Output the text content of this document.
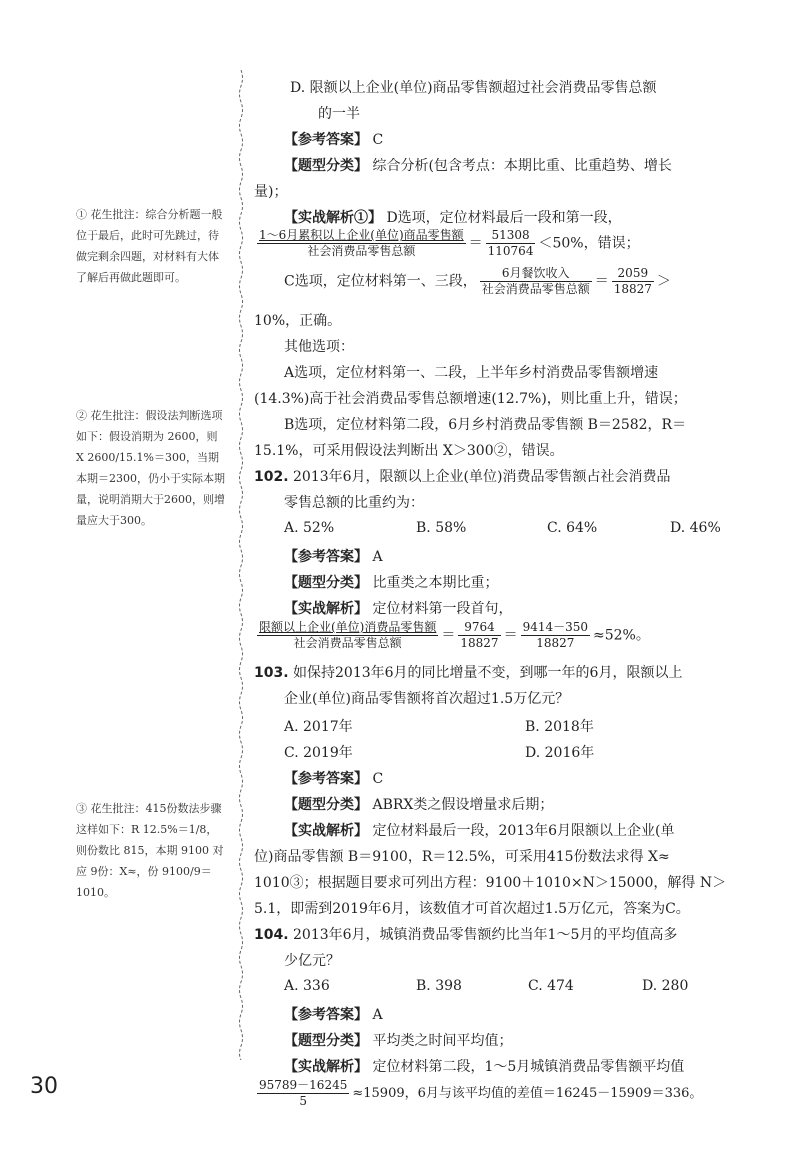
① 花生批注：综合分析题一般位于最后，此时可先跳过，待做完剩余四题，对材料有大体了解后再做此题即可。

② 花生批注：假设法判断选项如下：假设消期为 2600，则 X 2600/15.1%＝300，当期本期＝2300，仍小于实际本期量，说明消期大于2600，则增量应大于300。

③ 花生批注：415份数法步骤这样如下：R 12.5%＝1/8，则份数比 815，本期 9100 对应 9份：X≈，份 9100/9＝1010。

D. 限额以上企业(单位)商品零售额超过社会消费品零售总额
的一半
【参考答案】 C
【题型分类】 综合分析(包含考点：本期比重、比重趋势、增长
量)；
【实战解析①】 D选项，定位材料最后一段和第一段，
$\frac{\text{1～6月累积以上企业(单位)商品零售额}}{\text{社会消费品零售总额}} = \frac{51308}{110764} <50\%$，错误；
C选项，定位材料第一、三段， $\frac{\text{6月餐饮收入}}{\text{社会消费品零售总额}} = \frac{2059}{18827}$ ＞
10%，正确。
其他选项：
A选项，定位材料第一、二段，上半年乡村消费品零售额增速
(14.3%)高于社会消费品零售总额增速(12.7%)，则比重上升，错误；
B选项，定位材料第二段，6月乡村消费品零售额 B＝2582，R＝
15.1%，可采用假设法判断出 X＞300②，错误。
102. 2013年6月，限额以上企业(单位)消费品零售额占社会消费品
零售总额的比重约为：
A. 52%	B. 58%	C. 64%	D. 46%
【参考答案】 A
【题型分类】 比重类之本期比重；
【实战解析】 定位材料第一段首句，
$\frac{\text{限额以上企业(单位)消费品零售额}}{\text{社会消费品零售总额}} = \frac{9764}{18827} = \frac{9414-350}{18827} \approx 52\%$。
103. 如保持2013年6月的同比增量不变，到哪一年的6月，限额以上
企业(单位)商品零售额将首次超过1.5万亿元？
A. 2017年	B. 2018年
C. 2019年	D. 2016年
【参考答案】 C
【题型分类】 ABRX类之假设增量求后期；
【实战解析】 定位材料最后一段，2013年6月限额以上企业(单
位)商品零售额 B＝9100，R＝12.5%，可采用415份数法求得 X≈
1010③；根据题目要求可列出方程：9100＋1010×N＞15000，解得 N＞
5.1，即需到2019年6月，该数值才可首次超过1.5万亿元，答案为C。
104. 2013年6月，城镇消费品零售额约比当年1～5月的平均值高多
少亿元？
A. 336	B. 398	C. 474	D. 280
【参考答案】 A
【题型分类】 平均类之时间平均值；
【实战解析】 定位材料第二段，1～5月城镇消费品零售额平均值
$\frac{95789-16245}{5} \approx 15909$，6月与该平均值的差值＝16245－15909＝336。
30
